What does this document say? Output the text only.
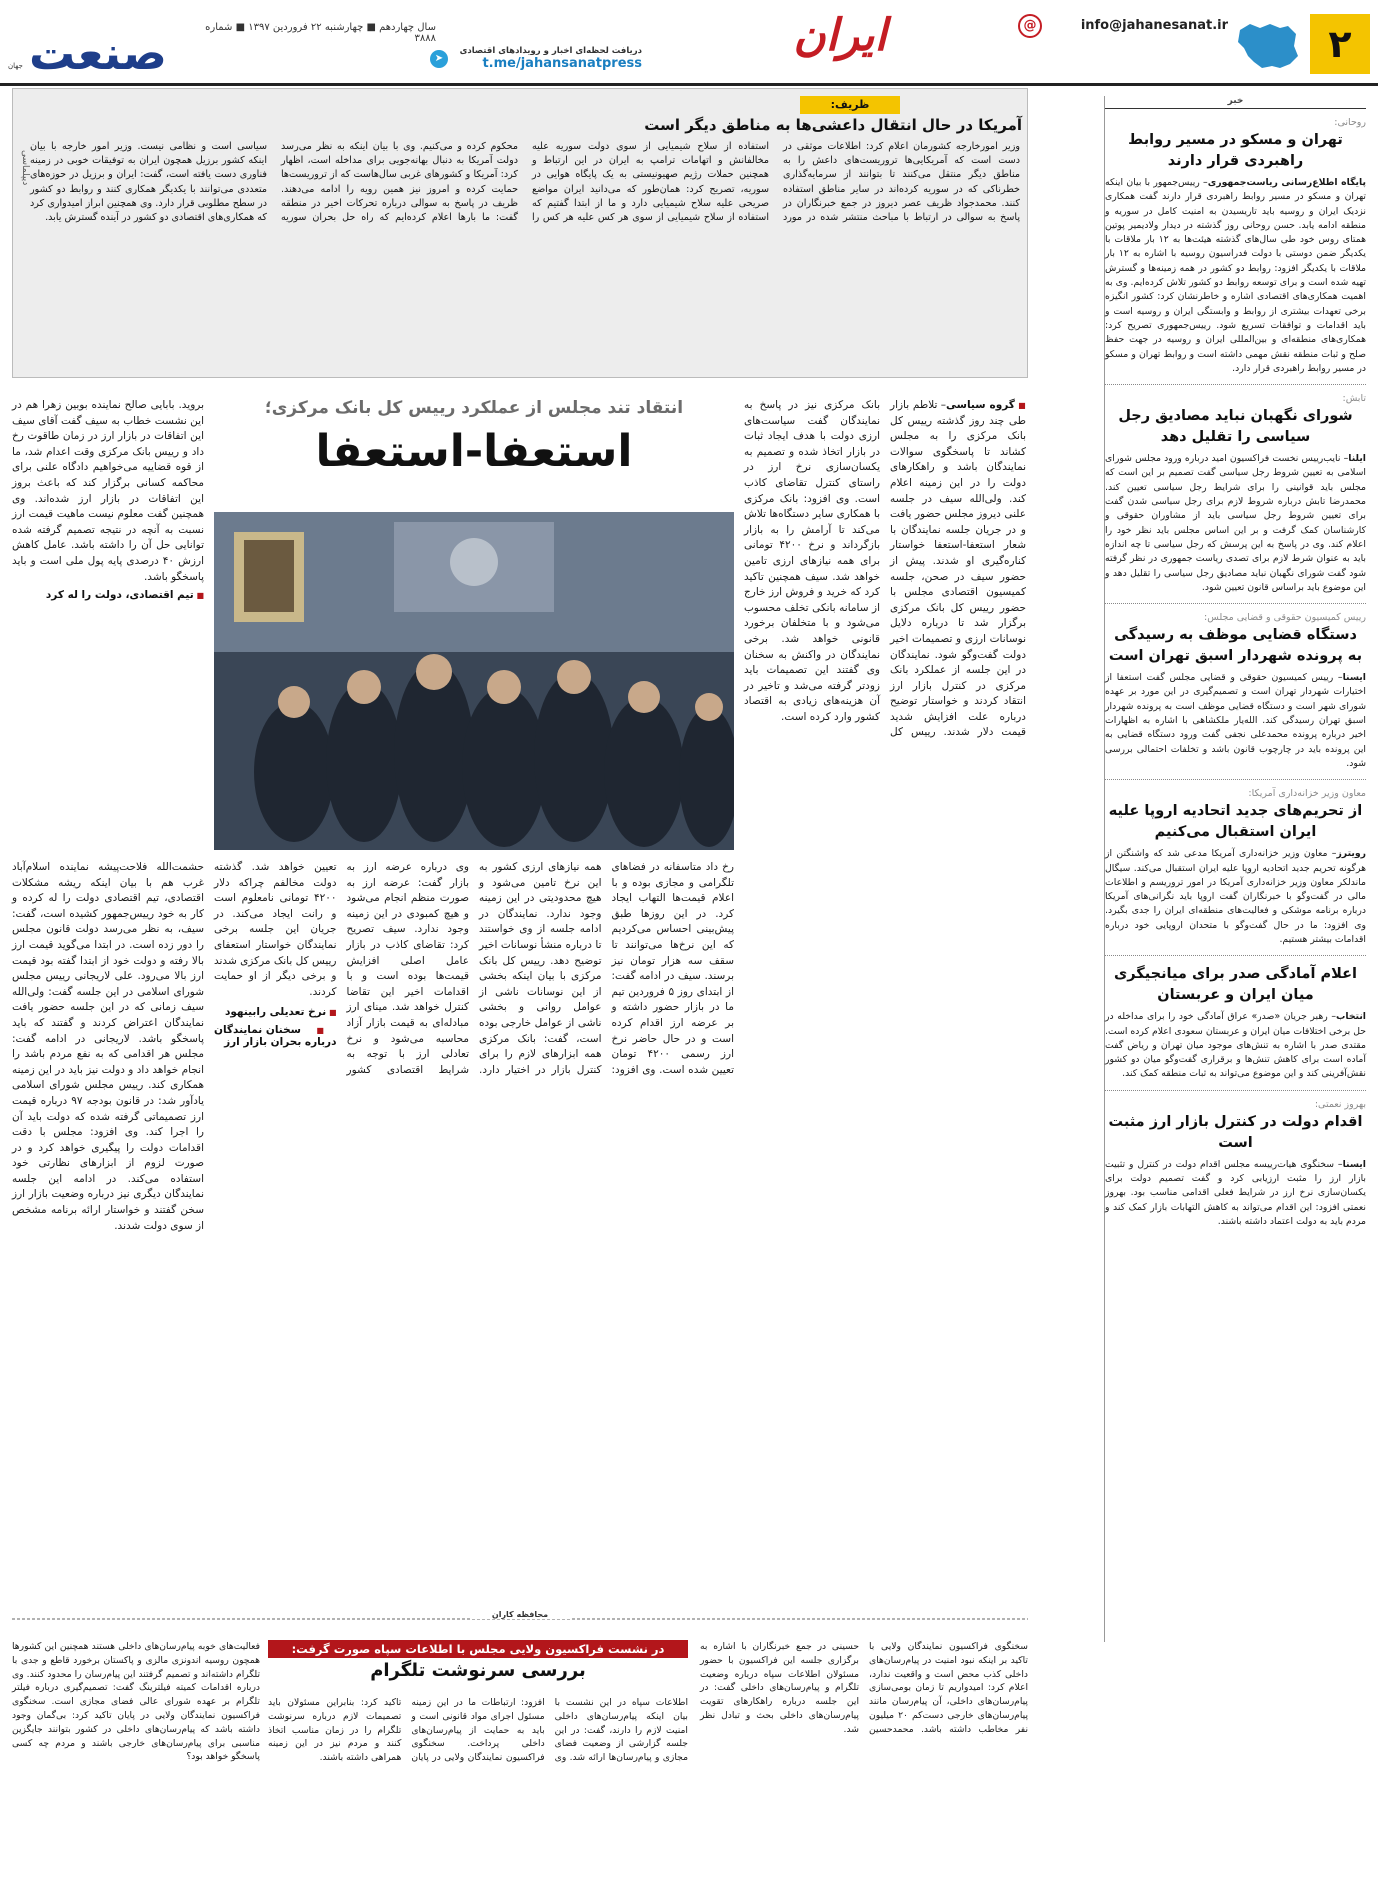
۲
info@jahanesanat.ir
@
ایران
➤
دریافت لحظه‌ای اخبار و رویدادهای اقتصادی
t.me/jahansanatpress
سال چهاردهم ■ چهارشنبه ۲۲ فروردین ۱۳۹۷ ■ شماره ۳۸۸۸
صنعت
جهان
خبر
روحانی:
تهران و مسکو در مسیر روابط راهبردی قرار دارند
پایگاه اطلاع‌رسانی ریاست‌جمهوری– رییس‌جمهور با بیان اینکه تهران و مسکو در مسیر روابط راهبردی قرار دارند گفت همکاری نزدیک ایران و روسیه باید تاریسیدن به امنیت کامل در سوریه و منطقه ادامه یابد. حسن روحانی روز گذشته در دیدار ولادیمیر پوتین همتای روس خود طی سال‌های گذشته هیئت‌ها به ۱۲ بار ملاقات با یکدیگر ضمن دوستی با دولت فدراسیون روسیه با اشاره به ۱۲ بار ملاقات با یکدیگر افزود: روابط دو کشور در همه زمینه‌ها و گسترش تهیه شده است و برای توسعه روابط دو کشور تلاش کرده‌ایم. وی به اهمیت همکاری‌های اقتصادی اشاره و خاطرنشان کرد: کشور انگیزه برخی تعهدات بیشتری از روابط و وابستگی ایران و روسیه است و باید اقدامات و توافقات تسریع شود. رییس‌جمهوری تصریح کرد: همکاری‌های منطقه‌ای و بین‌المللی ایران و روسیه در جهت حفظ صلح و ثبات منطقه نقش مهمی داشته است و روابط تهران و مسکو در مسیر روابط راهبردی قرار دارد.
تابش:
شورای نگهبان نباید مصادیق رجل سیاسی را تقلیل دهد
ایلنا– نایب‌رییس نخست فراکسیون امید درباره ورود مجلس شورای اسلامی به تعیین شروط رجل سیاسی گفت تصمیم بر این است که مجلس باید قوانینی را برای شرایط رجل سیاسی تعیین کند. محمدرضا تابش درباره شروط لازم برای رجل سیاسی شدن گفت برای تعیین شروط رجل سیاسی باید از مشاوران حقوقی و کارشناسان کمک گرفت و بر این اساس مجلس باید نظر خود را اعلام کند. وی در پاسخ به این پرسش که رجل سیاسی تا چه اندازه باید به عنوان شرط لازم برای تصدی ریاست جمهوری در نظر گرفته شود گفت شورای نگهبان نباید مصادیق رجل سیاسی را تقلیل دهد و این موضوع باید براساس قانون تعیین شود.
رییس کمیسیون حقوقی و قضایی مجلس:
دستگاه قضایی موظف به رسیدگی به پرونده شهردار اسبق تهران است
ایسنا– رییس کمیسیون حقوقی و قضایی مجلس گفت استعفا از اختیارات شهردار تهران است و تصمیم‌گیری در این مورد بر عهده شورای شهر است و دستگاه قضایی موظف است به پرونده شهردار اسبق تهران رسیدگی کند. الله‌یار ملکشاهی با اشاره به اظهارات اخیر درباره پرونده محمدعلی نجفی گفت ورود دستگاه قضایی به این پرونده باید در چارچوب قانون باشد و تخلفات احتمالی بررسی شود.
معاون وزیر خزانه‌داری آمریکا:
از تحریم‌های جدید اتحادیه اروپا علیه ایران استقبال می‌کنیم
رویترز– معاون وزیر خزانه‌داری آمریکا مدعی شد که واشنگتن از هرگونه تحریم جدید اتحادیه اروپا علیه ایران استقبال می‌کند. سیگال ماندلکر معاون وزیر خزانه‌داری آمریکا در امور تروریسم و اطلاعات مالی در گفت‌وگو با خبرنگاران گفت اروپا باید نگرانی‌های آمریکا درباره برنامه موشکی و فعالیت‌های منطقه‌ای ایران را جدی بگیرد. وی افزود: ما در حال گفت‌وگو با متحدان اروپایی خود درباره اقدامات بیشتر هستیم.
اعلام آمادگی صدر برای میانجیگری میان ایران و عربستان
انتخاب– رهبر جریان «صدر» عراق آمادگی خود را برای مداخله در حل برخی اختلافات میان ایران و عربستان سعودی اعلام کرده است. مقتدی صدر با اشاره به تنش‌های موجود میان تهران و ریاض گفت آماده است برای کاهش تنش‌ها و برقراری گفت‌وگو میان دو کشور نقش‌آفرینی کند و این موضوع می‌تواند به ثبات منطقه کمک کند.
بهروز نعمتی:
اقدام دولت در کنترل بازار ارز مثبت است
ایسنا– سخنگوی هیات‌رییسه مجلس اقدام دولت در کنترل و تثبیت بازار ارز را مثبت ارزیابی کرد و گفت تصمیم دولت برای یکسان‌سازی نرخ ارز در شرایط فعلی اقدامی مناسب بود. بهروز نعمتی افزود: این اقدام می‌تواند به کاهش التهابات بازار کمک کند و مردم باید به دولت اعتماد داشته باشند.
ظریف:
آمریکا در حال انتقال داعشی‌ها به مناطق دیگر است
وزیر امورخارجه کشورمان اعلام کرد: اطلاعات موثقی در دست است که آمریکایی‌ها تروریست‌های داعش را به مناطق دیگر منتقل می‌کنند تا بتوانند از سرمایه‌گذاری خطرناکی که در سوریه کرده‌اند در سایر مناطق استفاده کنند. محمدجواد ظریف عصر دیروز در جمع خبرنگاران در پاسخ به سوالی در ارتباط با مباحث منتشر شده در مورد استفاده از سلاح شیمیایی از سوی دولت سوریه علیه مخالفانش و اتهامات ترامپ به ایران در این ارتباط و همچنین حملات رژیم صهیونیستی به یک پایگاه هوایی در سوریه، تصریح کرد: همان‌طور که می‌دانید ایران مواضع صریحی علیه سلاح شیمیایی دارد و ما از ابتدا گفتیم که استفاده از سلاح شیمیایی از سوی هر کس علیه هر کس را محکوم کرده و می‌کنیم. وی با بیان اینکه به نظر می‌رسد دولت آمریکا به دنبال بهانه‌جویی برای مداخله است، اظهار کرد: آمریکا و کشورهای غربی سال‌هاست که از تروریست‌ها حمایت کرده و امروز نیز همین رویه را ادامه می‌دهند. ظریف در پاسخ به سوالی درباره تحرکات اخیر در منطقه گفت: ما بارها اعلام کرده‌ایم که راه حل بحران سوریه سیاسی است و نظامی نیست. وزیر امور خارجه با بیان اینکه کشور برزیل همچون ایران به توفیقات خوبی در زمینه فناوری دست یافته است، گفت: ایران و برزیل در حوزه‌های متعددی می‌توانند با یکدیگر همکاری کنند و روابط دو کشور در سطح مطلوبی قرار دارد. وی همچنین ابراز امیدواری کرد که همکاری‌های اقتصادی دو کشور در آینده گسترش یابد.
دیپلماسی
انتقاد تند مجلس از عملکرد رییس کل بانک مرکزی؛
استعفا-استعفا
■ گروه سیاسی– تلاطم بازار طی چند روز گذشته رییس کل بانک مرکزی را به مجلس کشاند تا پاسخگوی سوالات نمایندگان باشد و راهکارهای دولت را در این زمینه اعلام کند. ولی‌الله سیف در جلسه علنی دیروز مجلس حضور یافت و در جریان جلسه نمایندگان با شعار استعفا-استعفا خواستار کناره‌گیری او شدند. پیش از حضور سیف در صحن، جلسه کمیسیون اقتصادی مجلس با حضور رییس کل بانک مرکزی برگزار شد تا درباره دلایل نوسانات ارزی و تصمیمات اخیر دولت گفت‌وگو شود. نمایندگان در این جلسه از عملکرد بانک مرکزی در کنترل بازار ارز انتقاد کردند و خواستار توضیح درباره علت افزایش شدید قیمت دلار شدند. رییس کل بانک مرکزی نیز در پاسخ به نمایندگان گفت سیاست‌های ارزی دولت با هدف ایجاد ثبات در بازار اتخاذ شده و تصمیم به یکسان‌سازی نرخ ارز در راستای کنترل تقاضای کاذب است. وی افزود: بانک مرکزی با همکاری سایر دستگاه‌ها تلاش می‌کند تا آرامش را به بازار بازگرداند و نرخ ۴۲۰۰ تومانی برای همه نیازهای ارزی تامین خواهد شد. سیف همچنین تاکید کرد که خرید و فروش ارز خارج از سامانه بانکی تخلف محسوب می‌شود و با متخلفان برخورد قانونی خواهد شد. برخی نمایندگان در واکنش به سخنان وی گفتند این تصمیمات باید زودتر گرفته می‌شد و تاخیر در آن هزینه‌های زیادی به اقتصاد کشور وارد کرده است.
رخ داد متاسفانه در فضاهای تلگرامی و مجازی بوده و با اعلام قیمت‌ها التهاب ایجاد کرد. در این روزها طبق پیش‌بینی احساس می‌کردیم که این نرخ‌ها می‌توانند تا سقف سه هزار تومان نیز برسند. سیف در ادامه گفت: از ابتدای روز ۵ فروردین تیم ما در بازار حضور داشته و بر عرضه ارز اقدام کرده است و در حال حاضر نرخ ارز رسمی ۴۲۰۰ تومان تعیین شده است. وی افزود: همه نیازهای ارزی کشور به این نرخ تامین می‌شود و هیچ محدودیتی در این زمینه وجود ندارد. نمایندگان در ادامه جلسه از وی خواستند تا درباره منشأ نوسانات اخیر توضیح دهد. رییس کل بانک مرکزی با بیان اینکه بخشی از این نوسانات ناشی از عوامل روانی و بخشی ناشی از عوامل خارجی بوده است، گفت: بانک مرکزی همه ابزارهای لازم را برای کنترل بازار در اختیار دارد. وی درباره عرضه ارز به بازار گفت: عرضه ارز به صورت منظم انجام می‌شود و هیچ کمبودی در این زمینه وجود ندارد. سیف تصریح کرد: تقاضای کاذب در بازار عامل اصلی افزایش قیمت‌ها بوده است و با اقدامات اخیر این تقاضا کنترل خواهد شد. مینای ارز مبادله‌ای به قیمت بازار آزاد محاسبه می‌شود و نرخ تعادلی ارز با توجه به شرایط اقتصادی کشور تعیین خواهد شد. گذشته دولت مخالفم چراکه دلار ۴۲۰۰ تومانی نامعلوم است و رانت ایجاد می‌کند. در جریان این جلسه برخی نمایندگان خواستار استعفای رییس کل بانک مرکزی شدند و برخی دیگر از او حمایت کردند.
■ نرخ تعدیلی رابینهود
■ سخنان نمایندگان درباره بحران بازار ارز
بروید. بابایی صالح نماینده بوبین زهرا هم در این نشست خطاب به سیف گفت آقای سیف این اتفاقات در بازار ارز در زمان طاقوت رخ داد و رییس بانک مرکزی وقت اعدام شد، ما از قوه قضاییه می‌خواهیم دادگاه علنی برای محاکمه کسانی برگزار کند که باعث بروز این اتفاقات در بازار ارز شده‌اند. وی همچنین گفت معلوم نیست ماهیت قیمت ارز نسبت به آنچه در نتیجه تصمیم گرفته شده توانایی حل آن را داشته باشد. عامل کاهش ارزش ۴۰ درصدی پایه پول ملی است و باید پاسخگو باشد.
■ تیم اقتصادی، دولت را له کرد
حشمت‌الله فلاحت‌پیشه نماینده اسلام‌آباد غرب هم با بیان اینکه ریشه مشکلات اقتصادی، تیم اقتصادی دولت را له کرده و کار به خود رییس‌جمهور کشیده است، گفت: سیف، به نظر می‌رسد دولت قانون مجلس را دور زده است. در ابتدا می‌گوید قیمت ارز بالا رفته و دولت خود از ابتدا گفته بود قیمت ارز بالا می‌رود. علی لاریجانی رییس مجلس شورای اسلامی در این جلسه گفت: ولی‌الله سیف زمانی که در این جلسه حضور یافت نمایندگان اعتراض کردند و گفتند که باید پاسخگو باشد. لاریجانی در ادامه گفت: مجلس هر اقدامی که به نفع مردم باشد را انجام خواهد داد و دولت نیز باید در این زمینه همکاری کند. رییس مجلس شورای اسلامی یادآور شد: در قانون بودجه ۹۷ درباره قیمت ارز تصمیماتی گرفته شده که دولت باید آن را اجرا کند. وی افزود: مجلس با دقت اقدامات دولت را پیگیری خواهد کرد و در صورت لزوم از ابزارهای نظارتی خود استفاده می‌کند. در ادامه این جلسه نمایندگان دیگری نیز درباره وضعیت بازار ارز سخن گفتند و خواستار ارائه برنامه مشخص از سوی دولت شدند.
محافظه کاران
در نشست فراکسیون ولایی مجلس با اطلاعات سپاه صورت گرفت:
بررسی سرنوشت تلگرام
سخنگوی فراکسیون نمایندگان ولایی با تاکید بر اینکه نبود امنیت در پیام‌رسان‌های داخلی کذب محض است و واقعیت ندارد، اعلام کرد: امیدواریم تا زمان بومی‌سازی پیام‌رسان‌های داخلی، آن پیام‌رسان مانند پیام‌رسان‌های خارجی دست‌کم ۲۰ میلیون نفر مخاطب داشته باشد. محمدحسین حسینی در جمع خبرنگاران با اشاره به برگزاری جلسه این فراکسیون با حضور مسئولان اطلاعات سپاه درباره وضعیت تلگرام و پیام‌رسان‌های داخلی گفت: در این جلسه درباره راهکارهای تقویت پیام‌رسان‌های داخلی بحث و تبادل نظر شد.
اطلاعات سپاه در این نشست با بیان اینکه پیام‌رسان‌های داخلی امنیت لازم را دارند، گفت: در این جلسه گزارشی از وضعیت فضای مجازی و پیام‌رسان‌ها ارائه شد. وی افزود: ارتباطات ما در این زمینه مسئول اجرای مواد قانونی است و باید به حمایت از پیام‌رسان‌های داخلی پرداخت. سخنگوی فراکسیون نمایندگان ولایی در پایان تاکید کرد: بنابراین مسئولان باید تصمیمات لازم درباره سرنوشت تلگرام را در زمان مناسب اتخاذ کنند و مردم نیز در این زمینه همراهی داشته باشند.
فعالیت‌های خوبه پیام‌رسان‌های داخلی هستند همچنین این کشورها همچون روسیه اندونزی مالزی و پاکستان برخورد قاطع و جدی با تلگرام داشته‌اند و تصمیم گرفتند این پیام‌رسان را محدود کنند. وی درباره اقدامات کمیته فیلترینگ گفت: تصمیم‌گیری درباره فیلتر تلگرام بر عهده شورای عالی فضای مجازی است. سخنگوی فراکسیون نمایندگان ولایی در پایان تاکید کرد: بی‌گمان وجود داشته باشد که پیام‌رسان‌های داخلی در کشور بتوانند جایگزین مناسبی برای پیام‌رسان‌های خارجی باشند و مردم چه کسی پاسخگو خواهد بود؟
